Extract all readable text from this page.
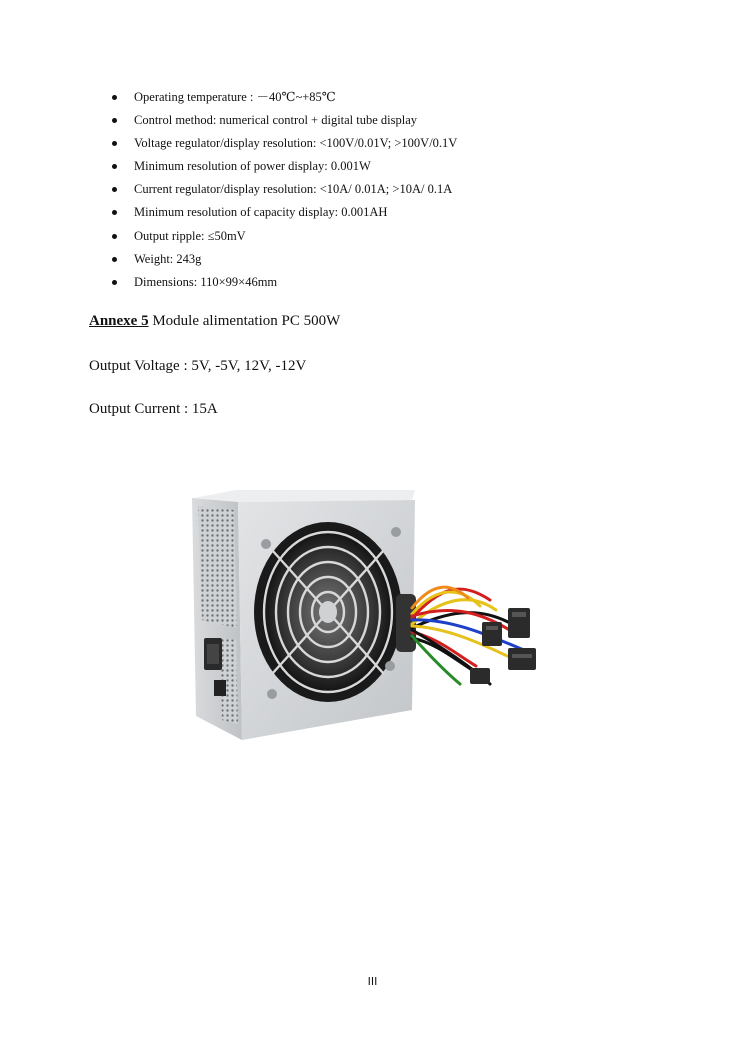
Operating temperature : －40℃~+85℃
Control method: numerical control + digital tube display
Voltage regulator/display resolution: <100V/0.01V; >100V/0.1V
Minimum resolution of power display: 0.001W
Current regulator/display resolution: <10A/ 0.01A; >10A/ 0.1A
Minimum resolution of capacity display: 0.001AH
Output ripple: ≤50mV
Weight: 243g
Dimensions: 110×99×46mm
Annexe 5 Module alimentation PC 500W
Output Voltage : 5V, -5V, 12V, -12V
Output Current : 15A
III
